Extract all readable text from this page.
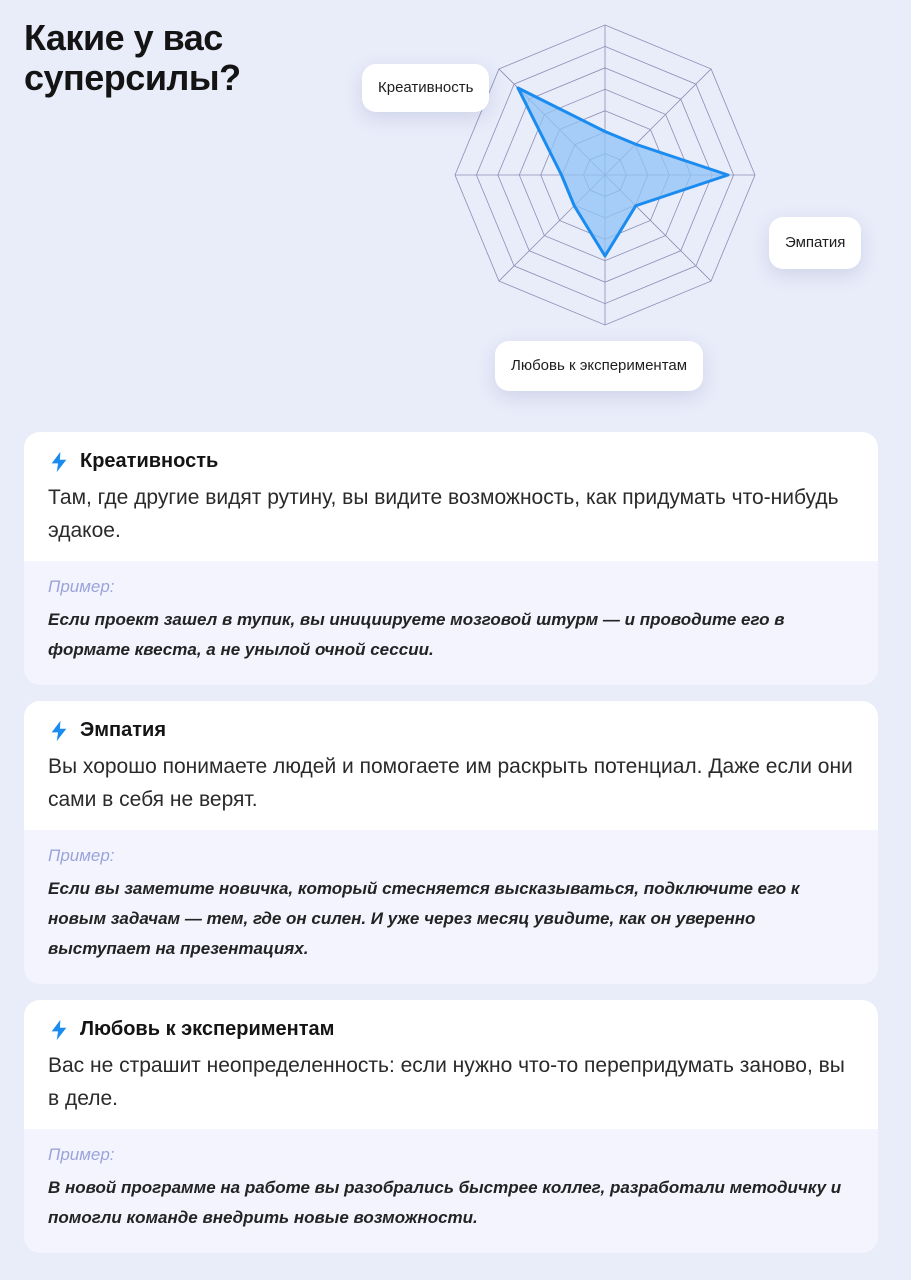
Какие у вас
суперсилы?	Креативность
Эмпатия
Любовь к экспериментам
Креативность
Там, где другие видят рутину, вы видите возможность, как придумать что-нибудь эдакое.
Пример:
Если проект зашел в тупик, вы инициируете мозговой штурм — и проводите его в формате квеста, а не унылой очной сессии.
Эмпатия
Вы хорошо понимаете людей и помогаете им раскрыть потенциал. Даже если они сами в себя не верят.
Пример:
Если вы заметите новичка, который стесняется высказываться, подключите его к новым задачам — тем, где он силен. И уже через месяц увидите, как он уверенно выступает на презентациях.
Любовь к экспериментам
Вас не страшит неопределенность: если нужно что-то перепридумать заново, вы в деле.
Пример:
В новой программе на работе вы разобрались быстрее коллег, разработали методичку и помогли команде внедрить новые возможности.
